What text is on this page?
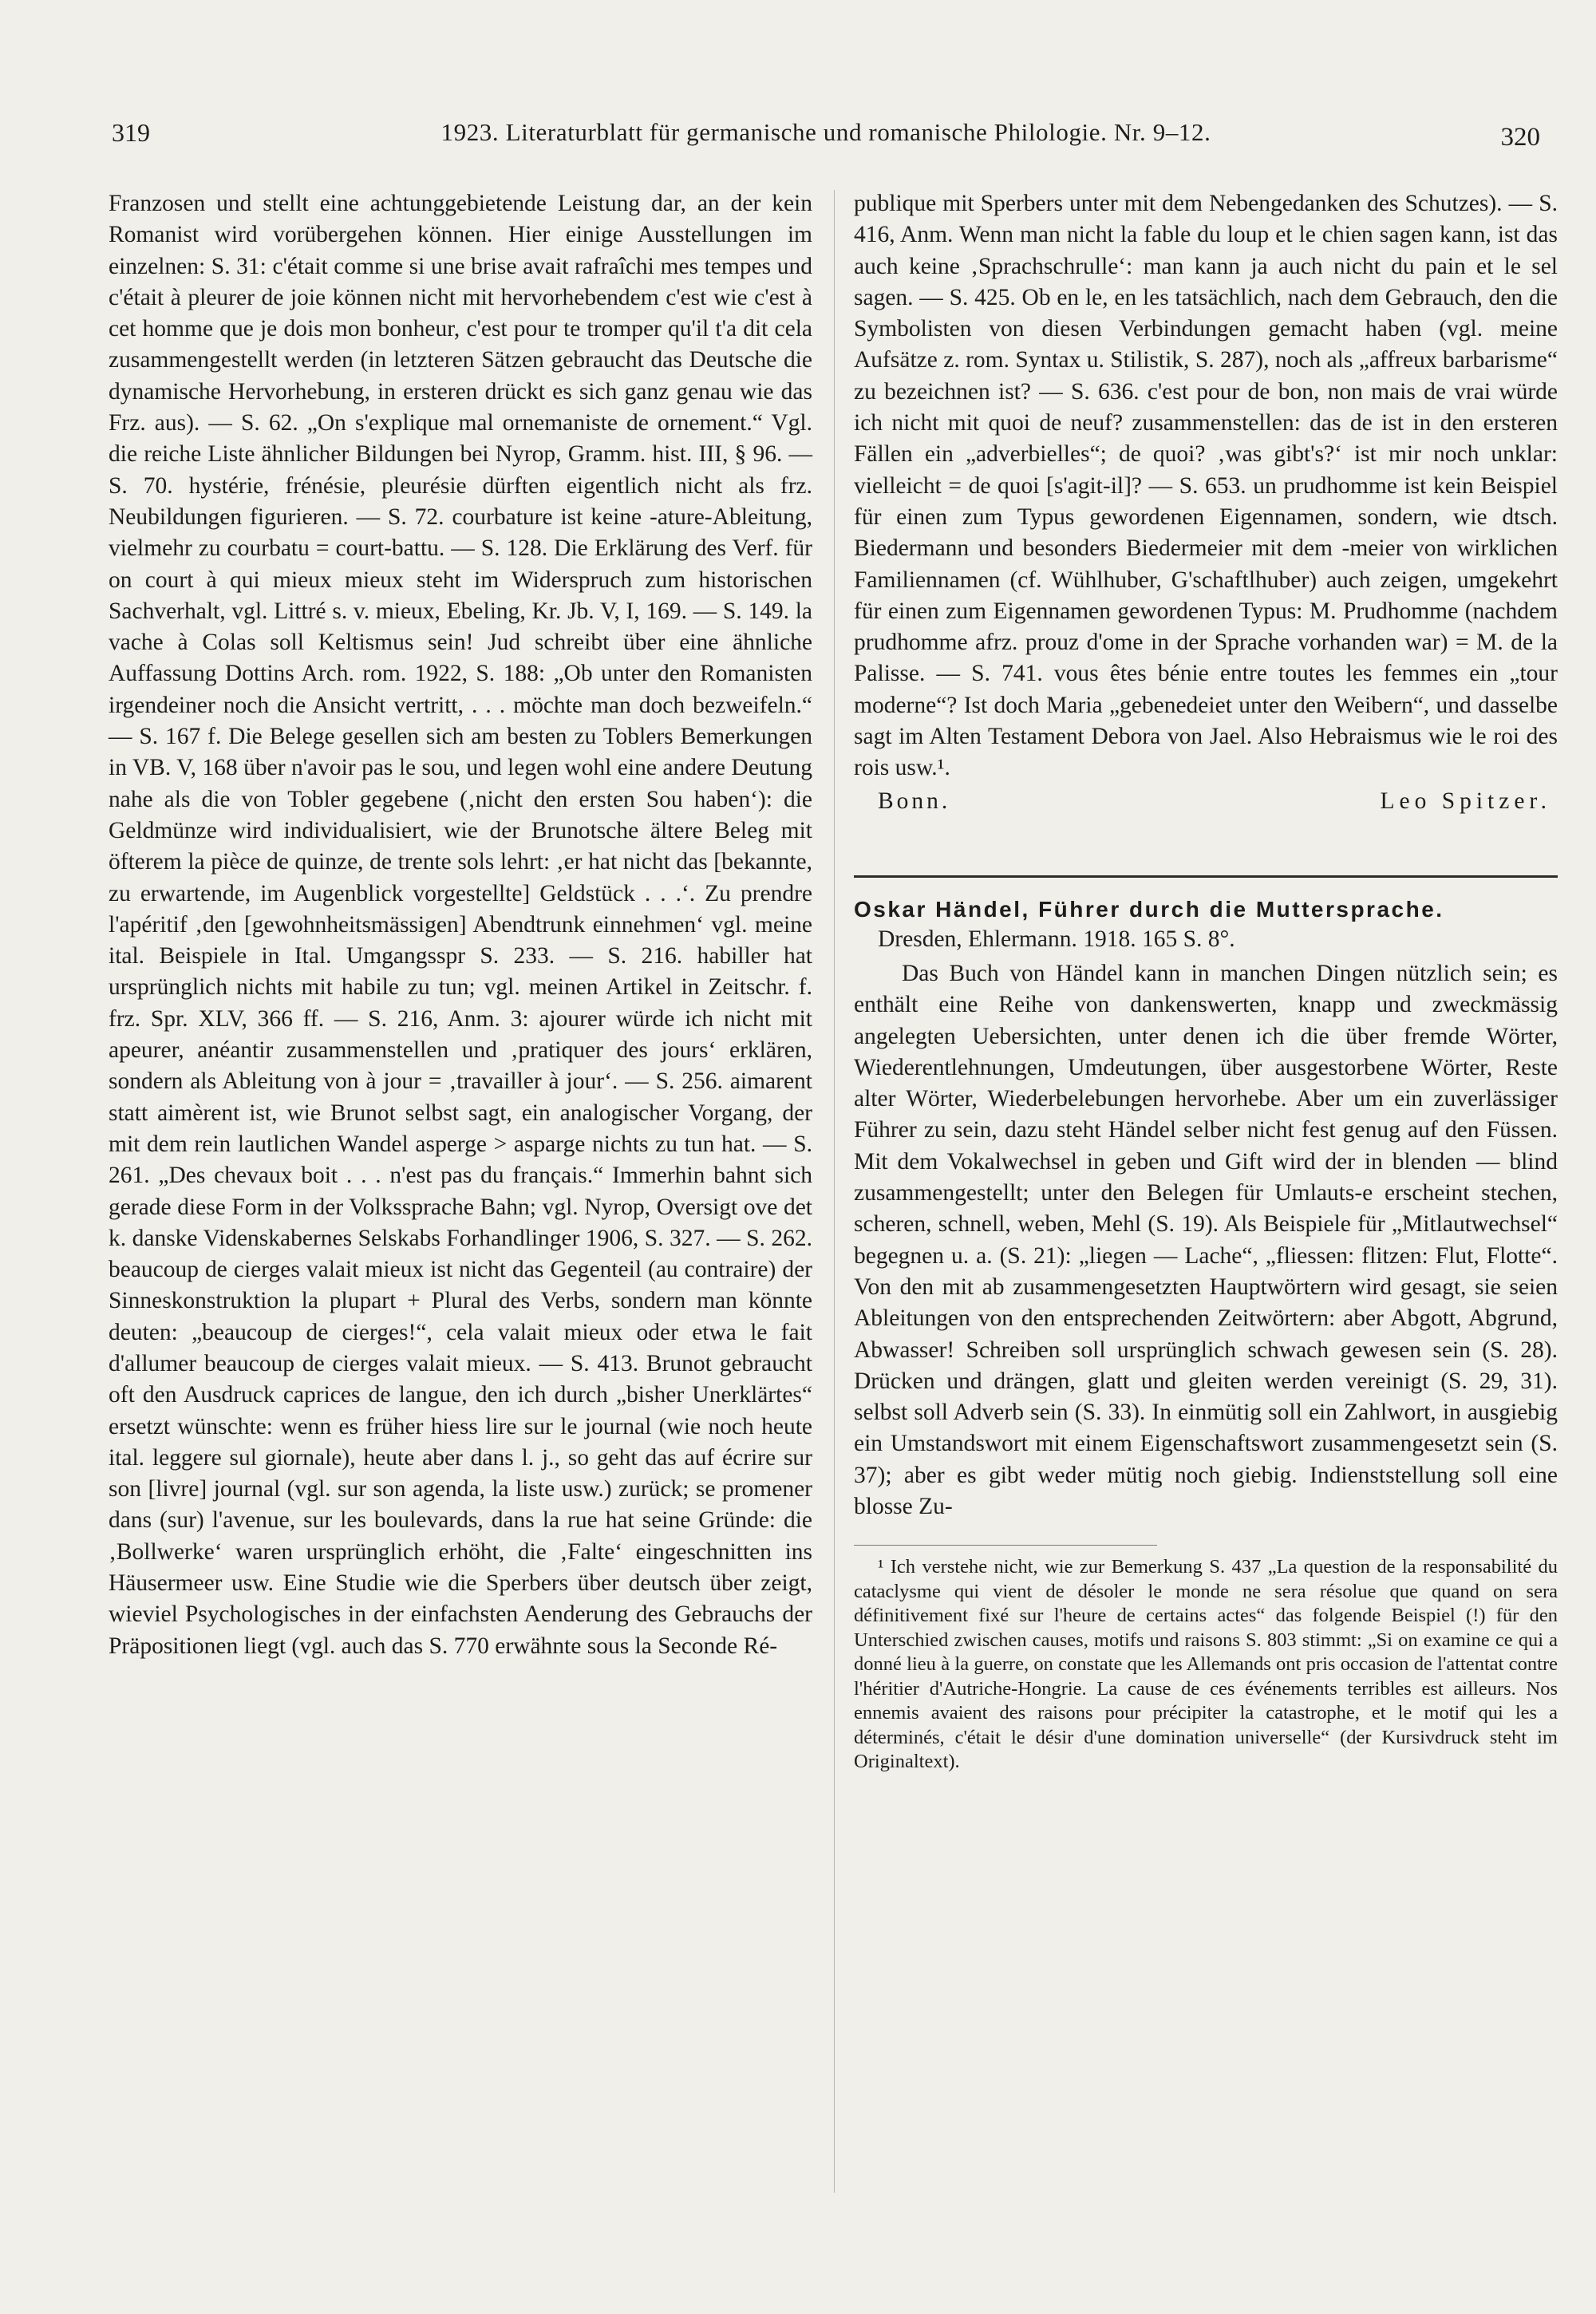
319	1923. Literaturblatt für germanische und romanische Philologie. Nr. 9–12.	320

Franzosen und stellt eine achtunggebietende Leistung dar, an der kein Romanist wird vorübergehen können. Hier einige Ausstellungen im einzelnen: S. 31: c'était comme si une brise avait rafraîchi mes tempes und c'était à pleurer de joie können nicht mit hervorhebendem c'est wie c'est à cet homme que je dois mon bonheur, c'est pour te tromper qu'il t'a dit cela zusammengestellt werden (in letzteren Sätzen gebraucht das Deutsche die dynamische Hervorhebung, in ersteren drückt es sich ganz genau wie das Frz. aus). — S. 62. „On s'explique mal ornemaniste de ornement.“ Vgl. die reiche Liste ähnlicher Bildungen bei Nyrop, Gramm. hist. III, § 96. — S. 70. hystérie, frénésie, pleurésie dürften eigentlich nicht als frz. Neubildungen figurieren. — S. 72. courbature ist keine -ature-Ableitung, vielmehr zu courbatu = court-battu. — S. 128. Die Erklärung des Verf. für on court à qui mieux mieux steht im Widerspruch zum historischen Sachverhalt, vgl. Littré s. v. mieux, Ebeling, Kr. Jb. V, I, 169. — S. 149. la vache à Colas soll Keltismus sein! Jud schreibt über eine ähnliche Auffassung Dottins Arch. rom. 1922, S. 188: „Ob unter den Romanisten irgendeiner noch die Ansicht vertritt, . . . möchte man doch bezweifeln.“ — S. 167 f. Die Belege gesellen sich am besten zu Toblers Bemerkungen in VB. V, 168 über n'avoir pas le sou, und legen wohl eine andere Deutung nahe als die von Tobler gegebene (‚nicht den ersten Sou haben‘): die Geldmünze wird individualisiert, wie der Brunotsche ältere Beleg mit öfterem la pièce de quinze, de trente sols lehrt: ‚er hat nicht das [bekannte, zu erwartende, im Augenblick vorgestellte] Geldstück . . .‘. Zu prendre l'apéritif ‚den [gewohnheitsmässigen] Abendtrunk einnehmen‘ vgl. meine ital. Beispiele in Ital. Umgangsspr S. 233. — S. 216. habiller hat ursprünglich nichts mit habile zu tun; vgl. meinen Artikel in Zeitschr. f. frz. Spr. XLV, 366 ff. — S. 216, Anm. 3: ajourer würde ich nicht mit apeurer, anéantir zusammenstellen und ‚pratiquer des jours‘ erklären, sondern als Ableitung von à jour = ‚travailler à jour‘. — S. 256. aimarent statt aimèrent ist, wie Brunot selbst sagt, ein analogischer Vorgang, der mit dem rein lautlichen Wandel asperge > asparge nichts zu tun hat. — S. 261. „Des chevaux boit . . . n'est pas du français.“ Immerhin bahnt sich gerade diese Form in der Volkssprache Bahn; vgl. Nyrop, Oversigt ove det k. danske Videnskabernes Selskabs Forhandlinger 1906, S. 327. — S. 262. beaucoup de cierges valait mieux ist nicht das Gegenteil (au contraire) der Sinneskonstruktion la plupart + Plural des Verbs, sondern man könnte deuten: „beaucoup de cierges!“, cela valait mieux oder etwa le fait d'allumer beaucoup de cierges valait mieux. — S. 413. Brunot gebraucht oft den Ausdruck caprices de langue, den ich durch „bisher Unerklärtes“ ersetzt wünschte: wenn es früher hiess lire sur le journal (wie noch heute ital. leggere sul giornale), heute aber dans l. j., so geht das auf écrire sur son [livre] journal (vgl. sur son agenda, la liste usw.) zurück; se promener dans (sur) l'avenue, sur les boulevards, dans la rue hat seine Gründe: die ‚Bollwerke‘ waren ursprünglich erhöht, die ‚Falte‘ eingeschnitten ins Häusermeer usw. Eine Studie wie die Sperbers über deutsch über zeigt, wieviel Psychologisches in der einfachsten Aenderung des Gebrauchs der Präpositionen liegt (vgl. auch das S. 770 erwähnte sous la Seconde Ré-

publique mit Sperbers unter mit dem Nebengedanken des Schutzes). — S. 416, Anm. Wenn man nicht la fable du loup et le chien sagen kann, ist das auch keine ‚Sprachschrulle‘: man kann ja auch nicht du pain et le sel sagen. — S. 425. Ob en le, en les tatsächlich, nach dem Gebrauch, den die Symbolisten von diesen Verbindungen gemacht haben (vgl. meine Aufsätze z. rom. Syntax u. Stilistik, S. 287), noch als „affreux barbarisme“ zu bezeichnen ist? — S. 636. c'est pour de bon, non mais de vrai würde ich nicht mit quoi de neuf? zusammenstellen: das de ist in den ersteren Fällen ein „adverbielles“; de quoi? ‚was gibt's?‘ ist mir noch unklar: vielleicht = de quoi [s'agit-il]? — S. 653. un prudhomme ist kein Beispiel für einen zum Typus gewordenen Eigennamen, sondern, wie dtsch. Biedermann und besonders Biedermeier mit dem -meier von wirklichen Familiennamen (cf. Wühlhuber, G'schaftlhuber) auch zeigen, umgekehrt für einen zum Eigennamen gewordenen Typus: M. Prudhomme (nachdem prudhomme afrz. prouz d'ome in der Sprache vorhanden war) = M. de la Palisse. — S. 741. vous êtes bénie entre toutes les femmes ein „tour moderne“? Ist doch Maria „gebenedeiet unter den Weibern“, und dasselbe sagt im Alten Testament Debora von Jael. Also Hebraismus wie le roi des rois usw.¹.

Bonn.	Leo Spitzer.
Oskar Händel, Führer durch die Muttersprache.
Dresden, Ehlermann. 1918. 165 S. 8°.

Das Buch von Händel kann in manchen Dingen nützlich sein; es enthält eine Reihe von dankenswerten, knapp und zweckmässig angelegten Uebersichten, unter denen ich die über fremde Wörter, Wiederentlehnungen, Umdeutungen, über ausgestorbene Wörter, Reste alter Wörter, Wiederbelebungen hervorhebe. Aber um ein zuverlässiger Führer zu sein, dazu steht Händel selber nicht fest genug auf den Füssen. Mit dem Vokalwechsel in geben und Gift wird der in blenden — blind zusammengestellt; unter den Belegen für Umlauts-e erscheint stechen, scheren, schnell, weben, Mehl (S. 19). Als Beispiele für „Mitlautwechsel“ begegnen u. a. (S. 21): „liegen — Lache“, „fliessen: flitzen: Flut, Flotte“. Von den mit ab zusammengesetzten Hauptwörtern wird gesagt, sie seien Ableitungen von den entsprechenden Zeitwörtern: aber Abgott, Abgrund, Abwasser! Schreiben soll ursprünglich schwach gewesen sein (S. 28). Drücken und drängen, glatt und gleiten werden vereinigt (S. 29, 31). selbst soll Adverb sein (S. 33). In einmütig soll ein Zahlwort, in ausgiebig ein Umstandswort mit einem Eigenschaftswort zusammengesetzt sein (S. 37); aber es gibt weder mütig noch giebig. Indienststellung soll eine blosse Zu-

¹ Ich verstehe nicht, wie zur Bemerkung S. 437 „La question de la responsabilité du cataclysme qui vient de désoler le monde ne sera résolue que quand on sera définitivement fixé sur l'heure de certains actes“ das folgende Beispiel (!) für den Unterschied zwischen causes, motifs und raisons S. 803 stimmt: „Si on examine ce qui a donné lieu à la guerre, on constate que les Allemands ont pris occasion de l'attentat contre l'héritier d'Autriche-Hongrie. La cause de ces événements terribles est ailleurs. Nos ennemis avaient des raisons pour précipiter la catastrophe, et le motif qui les a déterminés, c'était le désir d'une domination universelle“ (der Kursivdruck steht im Originaltext).
